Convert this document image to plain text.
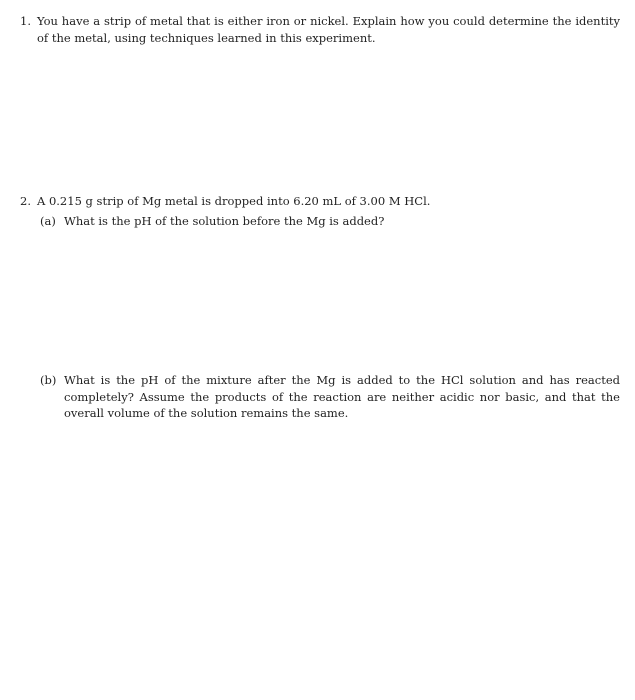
1. You have a strip of metal that is either iron or nickel. Explain how you could determine the identity of the metal, using techniques learned in this experiment.
2. A 0.215 g strip of Mg metal is dropped into 6.20 mL of 3.00 M HCl.
(a) What is the pH of the solution before the Mg is added?
(b) What is the pH of the mixture after the Mg is added to the HCl solution and has reacted completely? Assume the products of the reaction are neither acidic nor basic, and that the overall volume of the solution remains the same.
